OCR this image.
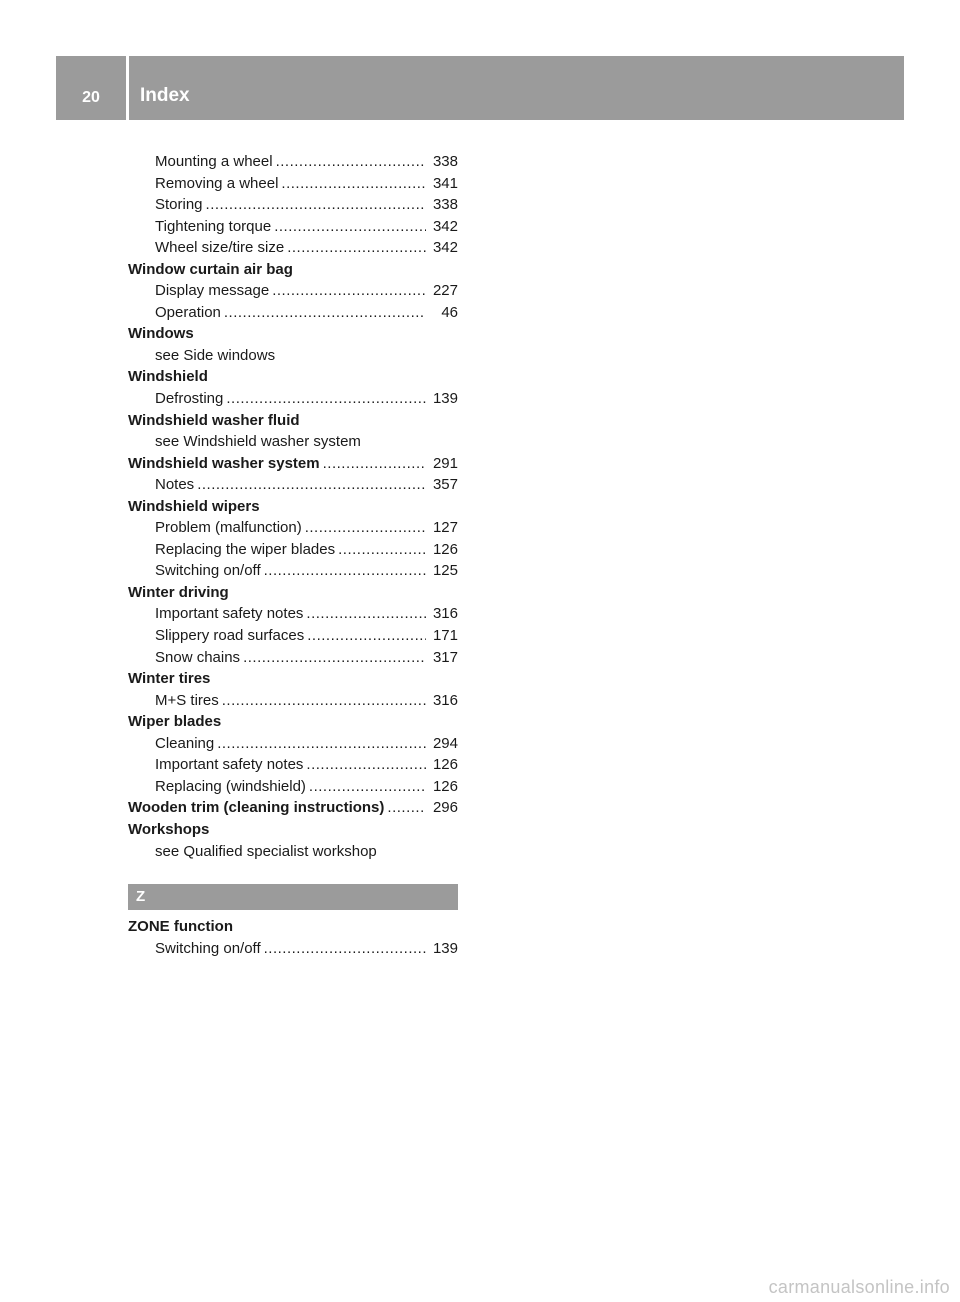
20	Index
Mounting a wheel .....	338
Removing a wheel .....	341
Storing .....	338
Tightening torque .....	342
Wheel size/tire size .....	342
Window curtain air bag
Display message .....	227
Operation .....	46
Windows
see Side windows
Windshield
Defrosting .....	139
Windshield washer fluid
see Windshield washer system
Windshield washer system .....	291
Notes .....	357
Windshield wipers
Problem (malfunction) .....	127
Replacing the wiper blades .....	126
Switching on/off .....	125
Winter driving
Important safety notes .....	316
Slippery road surfaces .....	171
Snow chains .....	317
Winter tires
M+S tires .....	316
Wiper blades
Cleaning .....	294
Important safety notes .....	126
Replacing (windshield) .....	126
Wooden trim (cleaning instructions) .....	296
Workshops
see Qualified specialist workshop
Z
ZONE function
Switching on/off .....	139
carmanualsonline.info
